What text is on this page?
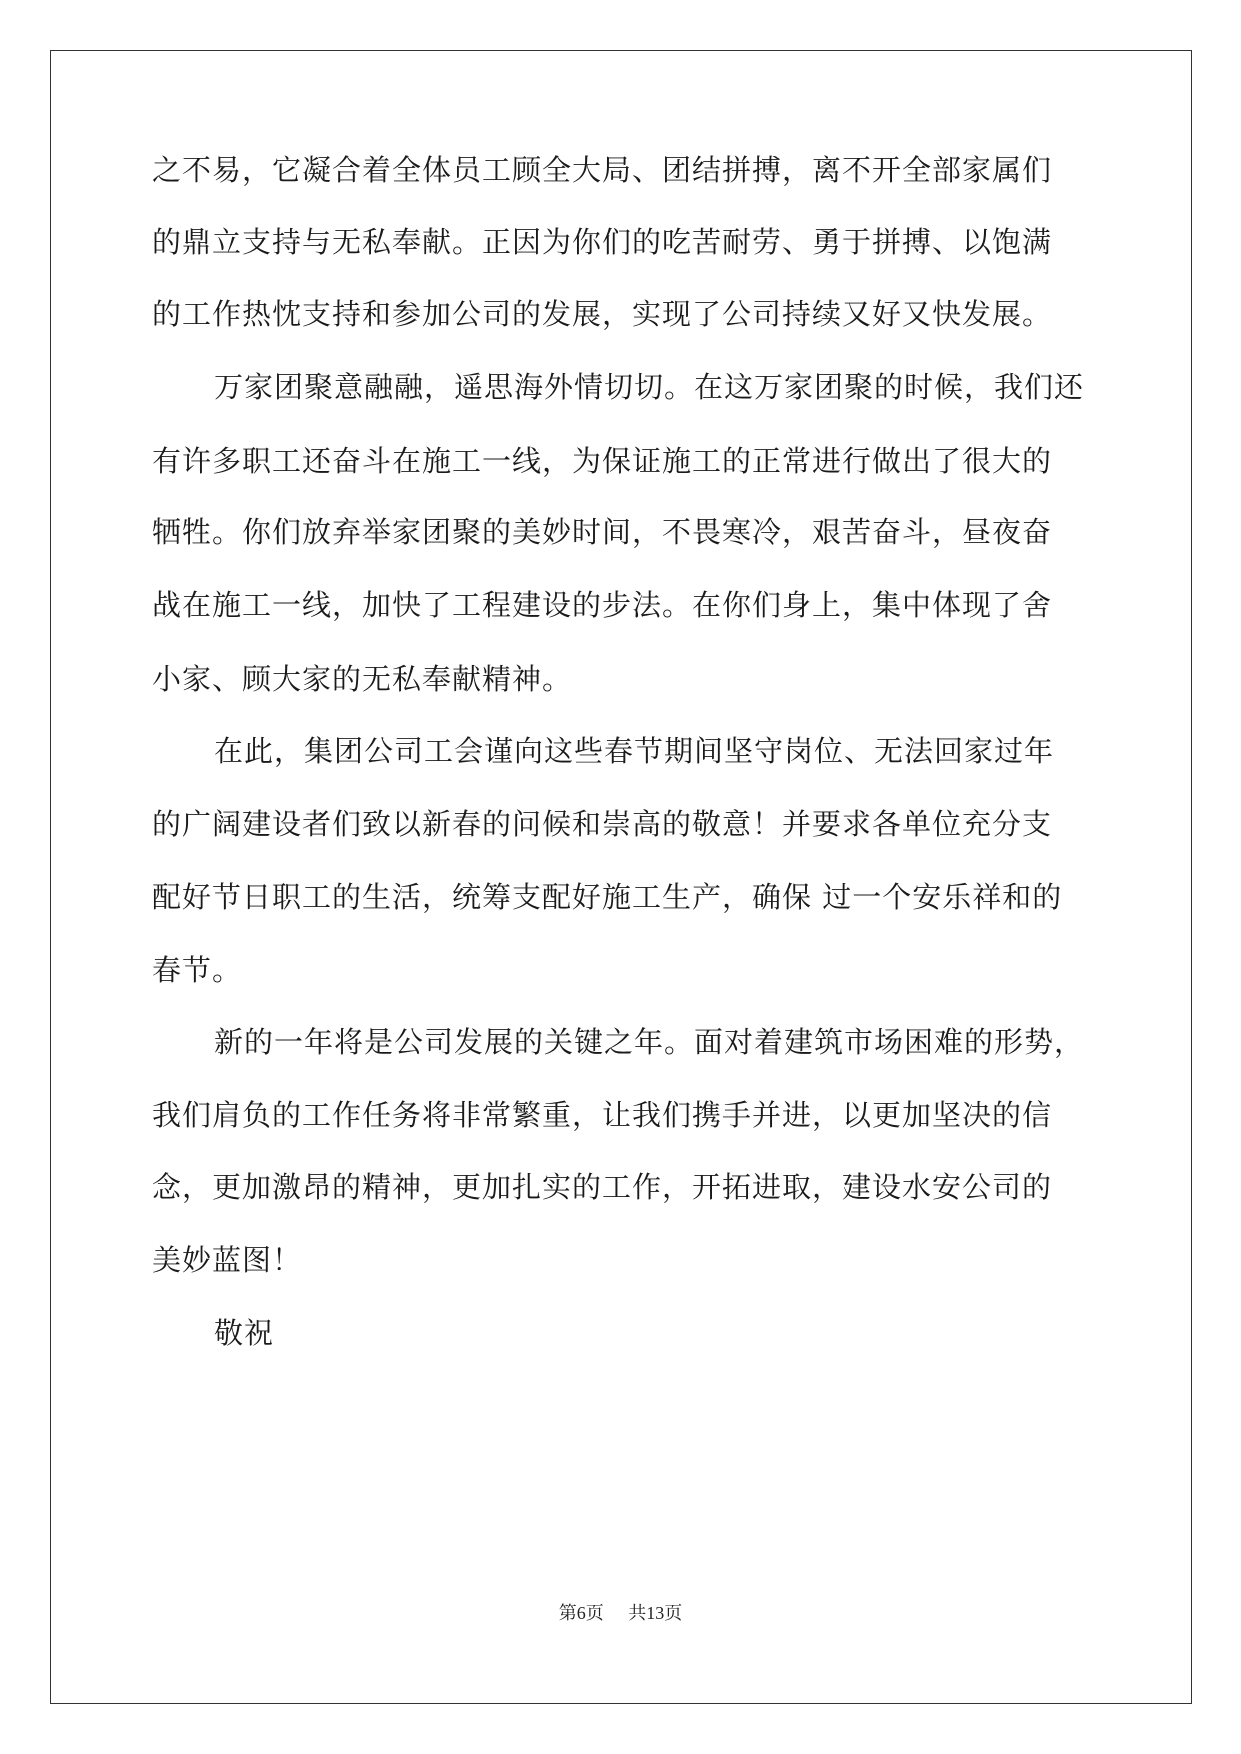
之不易，它凝合着全体员工顾全大局、团结拼搏，离不开全部家属们
的鼎立支持与无私奉献。正因为你们的吃苦耐劳、勇于拼搏、以饱满
的工作热忱支持和参加公司的发展，实现了公司持续又好又快发展。
万家团聚意融融，遥思海外情切切。在这万家团聚的时候，我们还
有许多职工还奋斗在施工一线，为保证施工的正常进行做出了很大的
牺牲。你们放弃举家团聚的美妙时间，不畏寒冷，艰苦奋斗，昼夜奋
战在施工一线，加快了工程建设的步法。在你们身上，集中体现了舍
小家、顾大家的无私奉献精神。
在此，集团公司工会谨向这些春节期间坚守岗位、无法回家过年
的广阔建设者们致以新春的问候和崇高的敬意！并要求各单位充分支
配好节日职工的生活，统筹支配好施工生产，确保 过一个安乐祥和的
春节。
新的一年将是公司发展的关键之年。面对着建筑市场困难的形势，
我们肩负的工作任务将非常繁重，让我们携手并进，以更加坚决的信
念，更加激昂的精神，更加扎实的工作，开拓进取，建设水安公司的
美妙蓝图！
敬祝
第6页 共13页
